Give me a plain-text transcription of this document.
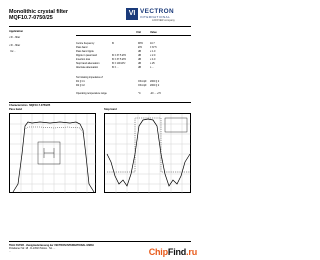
Monolithic crystal filter
MQF10.7-0750/25
VI VECTRON
INTERNATIONAL
A DOVER company
Application
• IF - filter
• IF - filter
for...
Unit	Value
Centre frequency	f0	MHz	10.7
Pass band	kHz	± 37.5
Pass band ripple	dB	≤ 1.0
Ripple in pass band	f0 ± 37.5 kHz	dB	≤ 2.0
Insertion loss	f0 ± 37.5 kHz	dB	≤ 4.0
Stop band attenuation	f0 ± 100 kHz	dB	≥ 25
Alternate attenuation	f0 ± ...	dB	≥ ...
Terminating impedance Z
R1 || C1	Ohm/pF 2000 || 2
R2 || C2	Ohm/pF 2000 || 2
Operating temperature range	°C	-20 ... +70
Characteristics  MQF10.7-0750/25
Pass band	Stop band
TELE FILTER - Zweigniederlassung der VECTRON INTERNATIONAL GMBH
Potsdamer Str. 18 · D-14513 Teltow · Tel. ...
...	ChipFind.ru
